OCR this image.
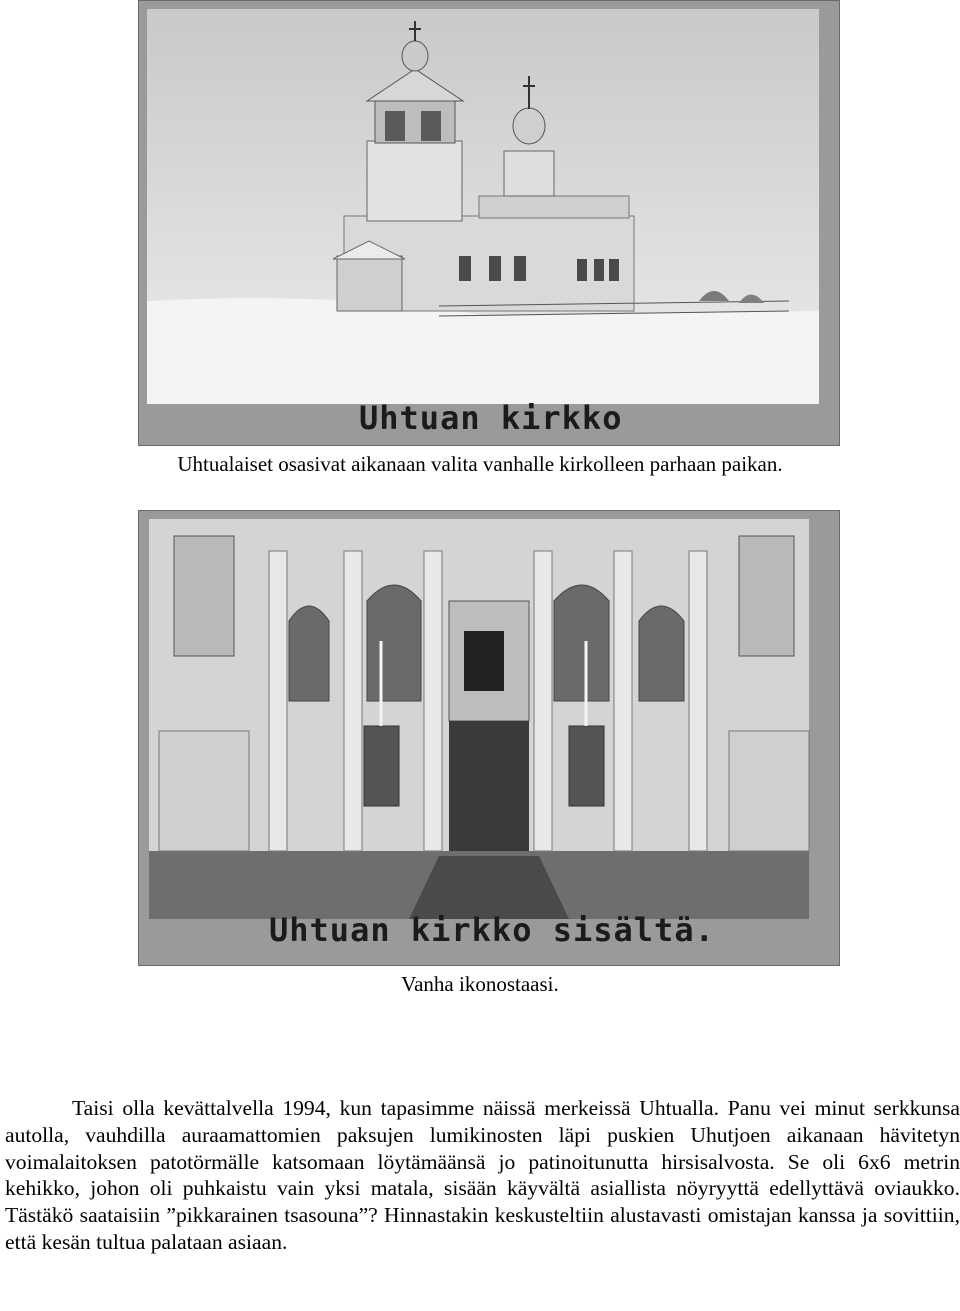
Uhtuan kirkko
Uhtualaiset osasivat aikanaan valita vanhalle kirkolleen parhaan paikan.
Uhtuan kirkko sisältä.
Vanha ikonostaasi.

Taisi olla kevättalvella 1994, kun tapasimme näissä merkeissä Uhtualla. Panu vei minut serkkunsa autolla, vauhdilla auraamattomien paksujen lumikinosten läpi puskien Uhutjoen aikanaan hävitetyn voimalaitoksen patotörmälle katsomaan löytämäänsä jo patinoitunutta hirsisalvosta. Se oli 6x6 metrin kehikko, johon oli puhkaistu vain yksi matala, sisään käyvältä asiallista nöyryyttä edellyttävä oviaukko. Tästäkö saataisiin ”pikkarainen tsasouna”? Hinnastakin keskusteltiin alustavasti omistajan kanssa ja sovittiin, että kesän tultua palataan asiaan.
